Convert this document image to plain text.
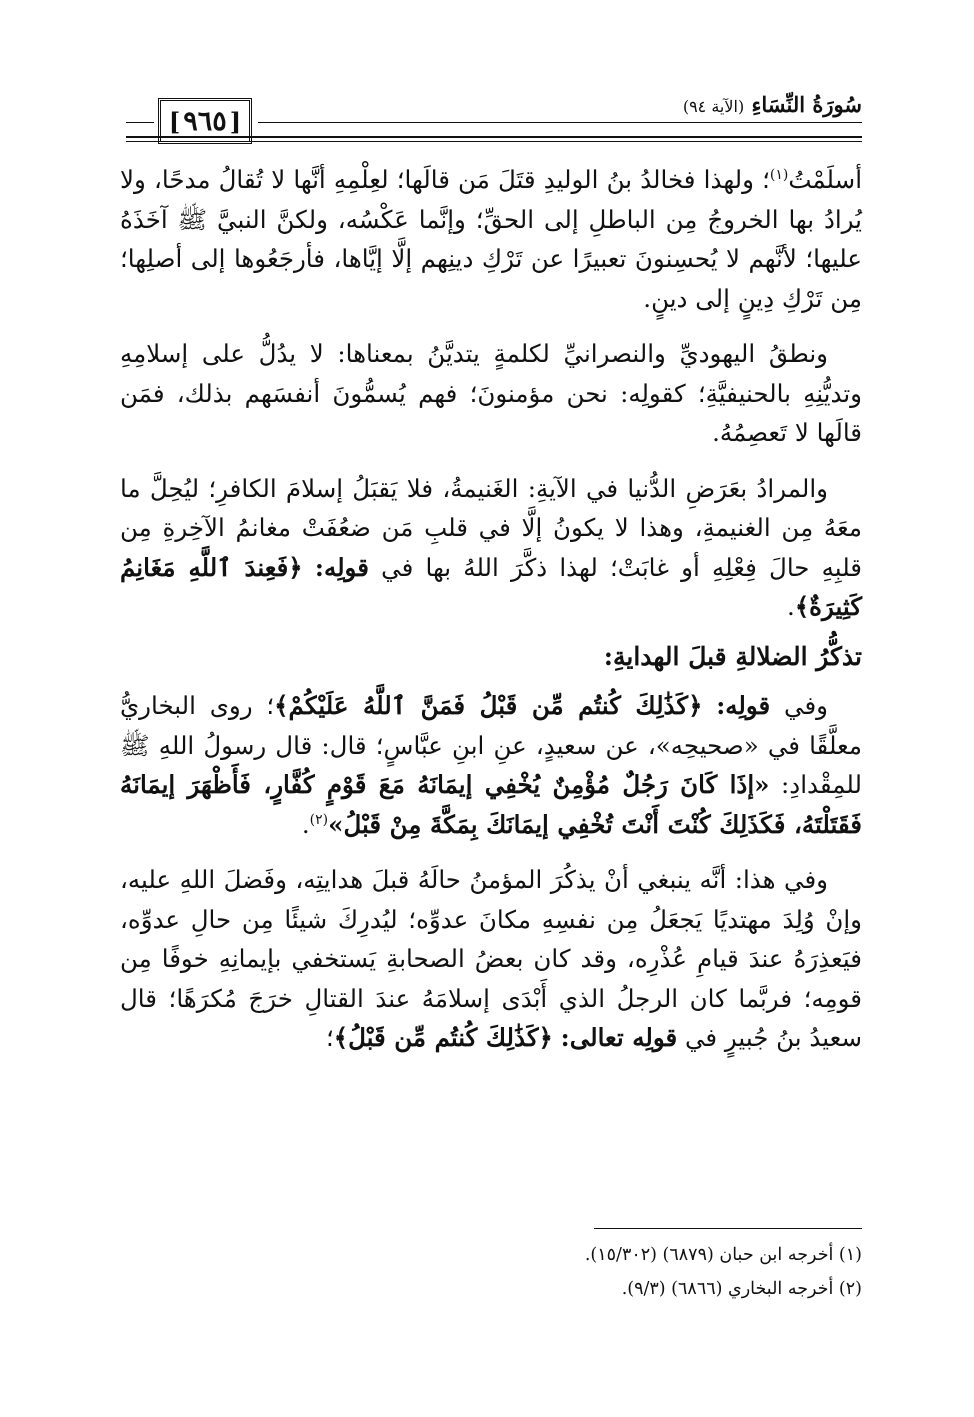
[
٩٦٥
]
سُورَةُ النِّسَاءِ (الآية ٩٤)

أسلَمْتُ$^{(١)}$؛ ولهذا فخالدُ بنُ الوليدِ قتَلَ مَن قالَها؛ لعِلْمِهِ أنَّها لا تُقالُ مدحًا، ولا يُرادُ بها الخروجُ مِن الباطلِ إلى الحقِّ؛ وإنَّما عَكْسُه، ولكنَّ النبيَّ ﷺ آخَذَهُ عليها؛ لأنَّهم لا يُحسِنونَ تعبيرًا عن تَرْكِ دينِهم إلَّا إيَّاها، فأرجَعُوها إلى أصلِها؛ مِن تَرْكِ دِينٍ إلى دينٍ.

ونطقُ اليهوديِّ والنصرانيِّ لكلمةٍ يتديَّنُ بمعناها: لا يدُلُّ على إسلامِهِ وتديُّنِهِ بالحنيفيَّةِ؛ كقولِه: نحن مؤمنونَ؛ فهم يُسمُّونَ أنفسَهم بذلك، فمَن قالَها لا تَعصِمُهُ.

والمرادُ بعَرَضِ الدُّنيا في الآيةِ: الغَنيمةُ، فلا يَقبَلُ إسلامَ الكافرِ؛ ليُحِلَّ ما معَهُ مِن الغنيمةِ، وهذا لا يكونُ إلَّا في قلبِ مَن ضعُفَتْ مغانمُ الآخِرةِ مِن قلبِهِ حالَ فِعْلِهِ أو غابَتْ؛ لهذا ذكَّرَ اللهُ بها في قولِه: ﴿فَعِندَ ٱللَّهِ مَغَانِمُ كَثِيرَةٌ﴾.

تذكُّرُ الضلالةِ قبلَ الهدايةِ:

وفي قولِه: ﴿كَذَٰلِكَ كُنتُم مِّن قَبْلُ فَمَنَّ ٱللَّهُ عَلَيْكُمْ﴾؛ روى البخاريُّ معلَّقًا في «صحيحِه»، عن سعيدٍ، عنِ ابنِ عبَّاسٍ؛ قال: قال رسولُ اللهِ ﷺ للمِقْدادِ: «إذَا كَانَ رَجُلٌ مُؤْمِنٌ يُخْفِي إيمَانَهُ مَعَ قَوْمٍ كُفَّارٍ، فَأَظْهَرَ إيمَانَهُ فَقَتَلْتَهُ، فَكَذَلِكَ كُنْتَ أَنْتَ تُخْفِي إيمَانَكَ بِمَكَّةَ مِنْ قَبْلُ»$^{(٢)}$.

وفي هذا: أنَّه ينبغي أنْ يذكُرَ المؤمنُ حالَهُ قبلَ هدايتِه، وفَضلَ اللهِ عليه، وإنْ وُلِدَ مهتديًا يَجعَلُ مِن نفسِهِ مكانَ عدوِّه؛ ليُدرِكَ شيئًا مِن حالِ عدوِّه، فيَعذِرَهُ عندَ قيامِ عُذْرِه، وقد كان بعضُ الصحابةِ يَستخفي بإيمانِهِ خوفًا مِن قومِه؛ فربَّما كان الرجلُ الذي أَبْدَى إسلامَهُ عندَ القتالِ خرَجَ مُكرَهًا؛ قال سعيدُ بنُ جُبيرٍ في قولِه تعالى: ﴿كَذَٰلِكَ كُنتُم مِّن قَبْلُ﴾؛

(١) أخرجه ابن حبان (٦٨٧٩) (١٥/٣٠٢).

(٢) أخرجه البخاري (٦٨٦٦) (٩/٣).
